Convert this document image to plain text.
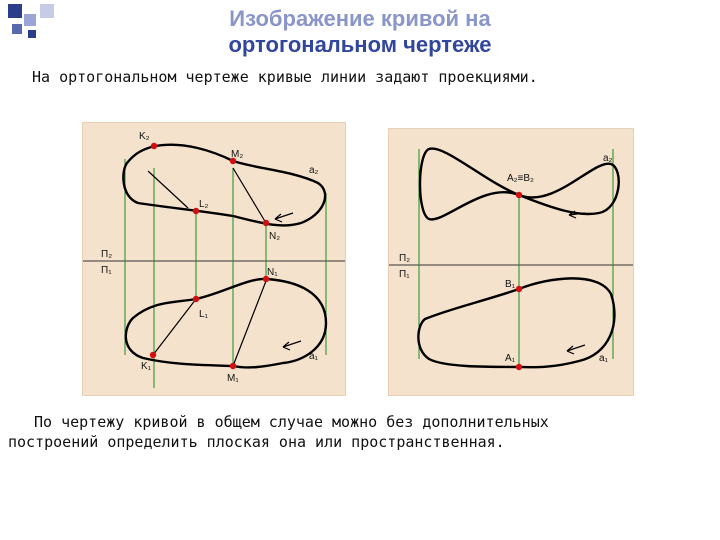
Изображение кривой на
ортогональном чертеже
На ортогональном чертеже кривые линии задают проекциями.
K₂
M₂
a₂
L₂
N₂
П₂
П₁	N₁
L₁
K₁
M₁
a₁
a₂
A₂≡B₂
П₂
П₁
B₁
A₁	a₁
По чертежу кривой в общем случае можно без дополнительных
построений определить плоская она или пространственная.
